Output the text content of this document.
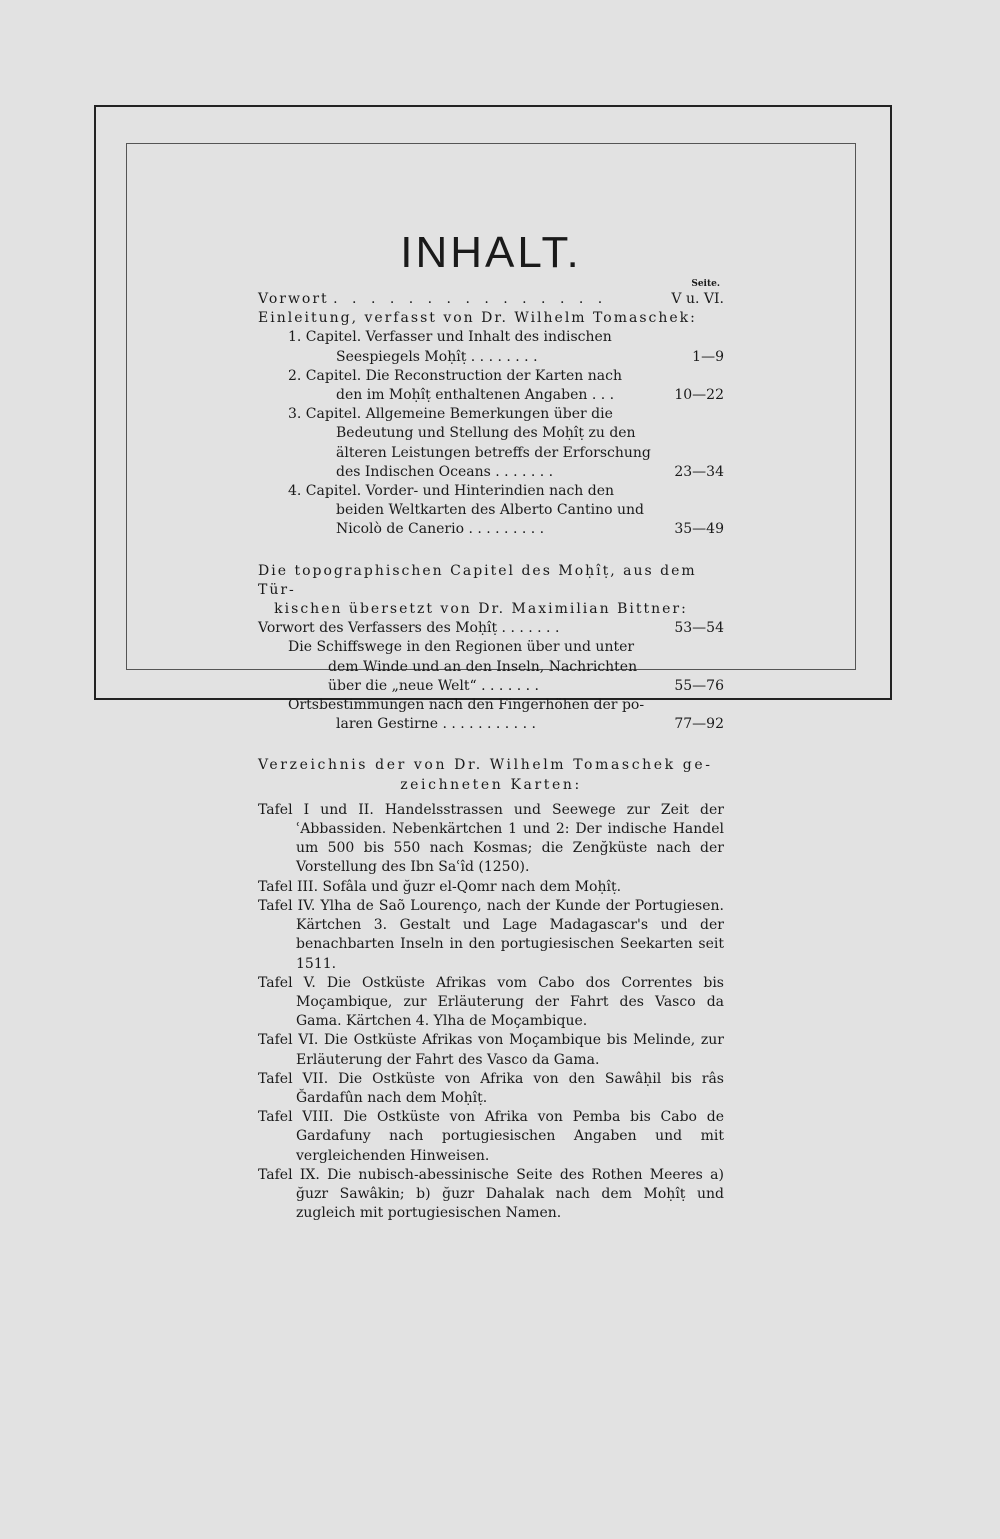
INHALT.
Seite.
Vorwort . . . . . . . . . . . . . . .	V u. VI.
Einleitung, verfasst von Dr. Wilhelm Tomaschek:
1. Capitel. Verfasser und Inhalt des indischen
Seespiegels Moḥîṭ . . . . . . . .	1—9
2. Capitel. Die Reconstruction der Karten nach
den im Moḥîṭ enthaltenen Angaben . . .	10—22
3. Capitel. Allgemeine Bemerkungen über die
Bedeutung und Stellung des Moḥîṭ zu den
älteren Leistungen betreffs der Erforschung
des Indischen Oceans . . . . . . .	23—34
4. Capitel. Vorder- und Hinterindien nach den
beiden Weltkarten des Alberto Cantino und
Nicolò de Canerio . . . . . . . . .	35—49
Die topographischen Capitel des Moḥîṭ, aus dem Tür-
kischen übersetzt von Dr. Maximilian Bittner:
Vorwort des Verfassers des Moḥîṭ . . . . . . .	53—54
Die Schiffswege in den Regionen über und unter
dem Winde und an den Inseln, Nachrichten
über die „neue Welt“ . . . . . . .	55—76
Ortsbestimmungen nach den Fingerhöhen der po-
laren Gestirne . . . . . . . . . . .	77—92
Verzeichnis der von Dr. Wilhelm Tomaschek ge-
zeichneten Karten:
Tafel I und II. Handelsstrassen und Seewege zur Zeit der ʿAbbassiden. Nebenkärtchen 1 und 2: Der indische Handel um 500 bis 550 nach Kosmas; die Zenğküste nach der Vorstellung des Ibn Saʿîd (1250).
Tafel III. Sofâla und ğuzr el-Qomr nach dem Moḥîṭ.
Tafel IV. Ylha de Saõ Lourenço, nach der Kunde der Portugiesen. Kärtchen 3. Gestalt und Lage Madagascar's und der benachbarten Inseln in den portugiesischen Seekarten seit 1511.
Tafel V. Die Ostküste Afrikas vom Cabo dos Correntes bis Moçambique, zur Erläuterung der Fahrt des Vasco da Gama. Kärtchen 4. Ylha de Moçambique.
Tafel VI. Die Ostküste Afrikas von Moçambique bis Melinde, zur Erläuterung der Fahrt des Vasco da Gama.
Tafel VII. Die Ostküste von Afrika von den Sawâḥil bis râs Ğardafûn nach dem Moḥîṭ.
Tafel VIII. Die Ostküste von Afrika von Pemba bis Cabo de Gardafuny nach portugiesischen Angaben und mit vergleichenden Hinweisen.
Tafel IX. Die nubisch-abessinische Seite des Rothen Meeres a) ğuzr Sawâkin; b) ğuzr Dahalak nach dem Moḥîṭ und zugleich mit portugiesischen Namen.
